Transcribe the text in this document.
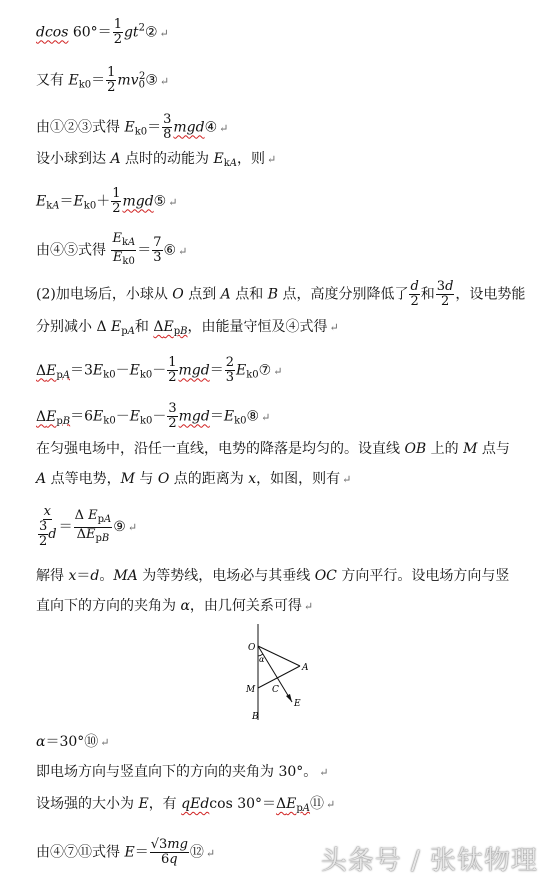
dcos $60^\circ= \frac{1}{2}$ $gt^2②$ ↵
又有 $E_{k0}= \frac{1}{2}$ $mv_0^2③$ ↵
由①②③式得 $E_{k0}= \frac{3}{8}$ mgd④ ↵
设小球到达 A 点时的动能为 $E_{kA}$，则 ↵
$E_{kA}=E_{k0}+ \frac{1}{2}$ mgd⑤ ↵
由④⑤式得 $\frac{E_{kA}}{E_{k0}} = \frac{7}{3}$ ⑥ ↵
(2)加电场后，小球从 O 点到 A 点和 B 点，高度分别降低了 $\frac{d}{2}$ 和 $\frac{3d}{2}$ ，设电势能
分别减小 Δ $E_{pA}$和 $\Delta E_{pB}$，由能量守恒及④式得 ↵
$\Delta E_{pA}=3E_{k0}-E_{k0}- \frac{1}{2} mgd= \frac{2}{3}$ $E_{k0}⑦$ ↵
$\Delta E_{pB}=6E_{k0}-E_{k0}- \frac{3}{2}$ $mgd=E_{k0}⑧$ ↵
在匀强电场中，沿任一直线，电势的降落是均匀的。设直线 OB 上的 M 点与
A 点等电势，M 与 O 点的距离为 x，如图，则有 ↵
$\frac{x}{\frac{3}{2} d} = \frac{\Delta E_{pA}}{\Delta E_{pB}}$ ⑨ ↵
解得 x＝d。MA 为等势线，电场必与其垂线 OC 方向平行。设电场方向与竖
直向下的方向的夹角为 α，由几何关系可得 ↵
O
α
A
M C
E
B
α＝30°⑩ ↵
即电场方向与竖直向下的方向的夹角为 30°。 ↵
设场强的大小为 E，有 qEdcos $30^\circ=\Delta E_{pA}⑪$ ↵
由④⑦⑪式得 $E= \frac{√3mg}{6q}$ ⑫ ↵	头条号 / 张钛物理
